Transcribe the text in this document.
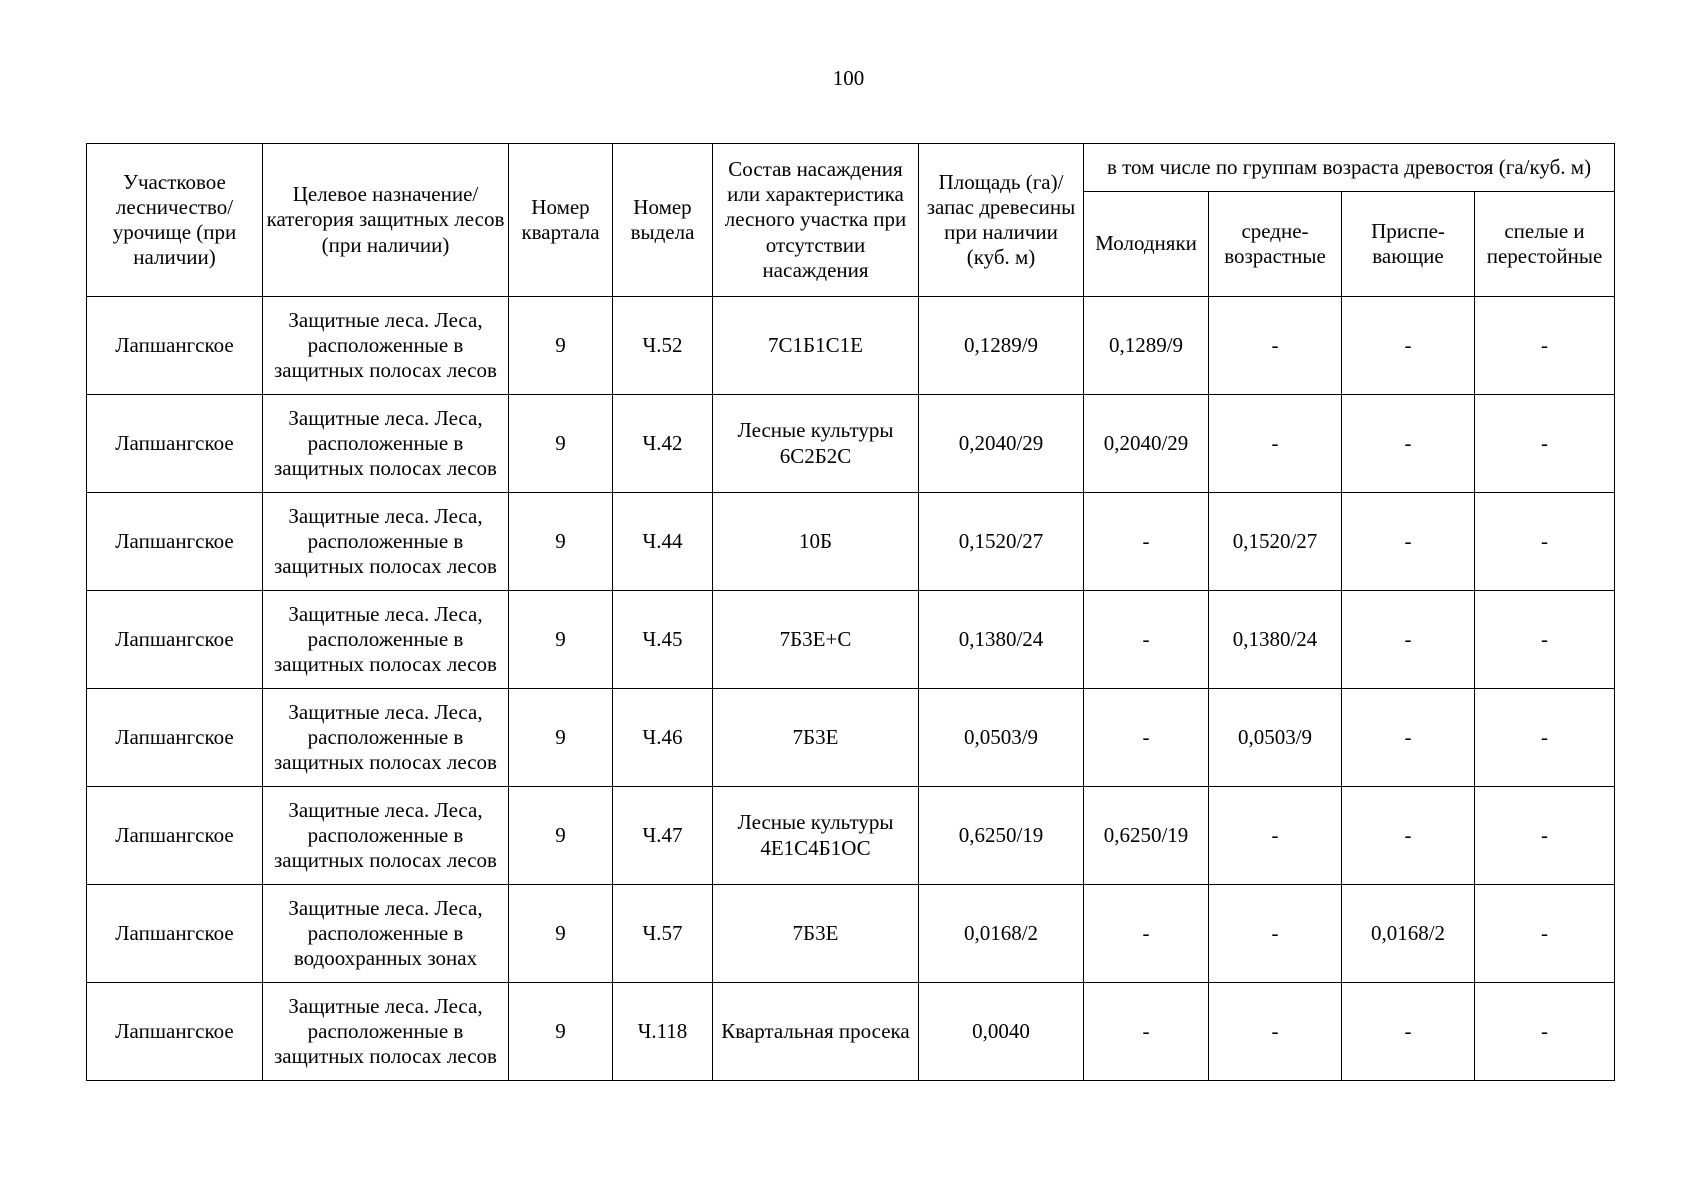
100
Участковое лесничество/ урочище (при наличии)	Целевое назначение/ категория защитных лесов (при наличии)	Номер квартала	Номер выдела	Состав насаждения или характеристика лесного участка при отсутствии насаждения	Площадь (га)/ запас древесины при наличии (куб. м)	в том числе по группам возраста древостоя (га/куб. м)			
						Молодняки	средне-возрастные	Приспе-вающие	спелые и перестойные
Лапшангское	Защитные леса. Леса, расположенные в защитных полосах лесов	9	Ч.52	7С1Б1С1Е	0,1289/9	0,1289/9	-	-	-
Лапшангское	Защитные леса. Леса, расположенные в защитных полосах лесов	9	Ч.42	Лесные культуры 6С2Б2С	0,2040/29	0,2040/29	-	-	-
Лапшангское	Защитные леса. Леса, расположенные в защитных полосах лесов	9	Ч.44	10Б	0,1520/27	-	0,1520/27	-	-
Лапшангское	Защитные леса. Леса, расположенные в защитных полосах лесов	9	Ч.45	7Б3Е+С	0,1380/24	-	0,1380/24	-	-
Лапшангское	Защитные леса. Леса, расположенные в защитных полосах лесов	9	Ч.46	7Б3Е	0,0503/9	-	0,0503/9	-	-
Лапшангское	Защитные леса. Леса, расположенные в защитных полосах лесов	9	Ч.47	Лесные культуры 4Е1С4Б1ОС	0,6250/19	0,6250/19	-	-	-
Лапшангское	Защитные леса. Леса, расположенные в водоохранных зонах	9	Ч.57	7Б3Е	0,0168/2	-	-	0,0168/2	-
Лапшангское	Защитные леса. Леса, расположенные в защитных полосах лесов	9	Ч.118	Квартальная просека	0,0040	-	-	-	-
